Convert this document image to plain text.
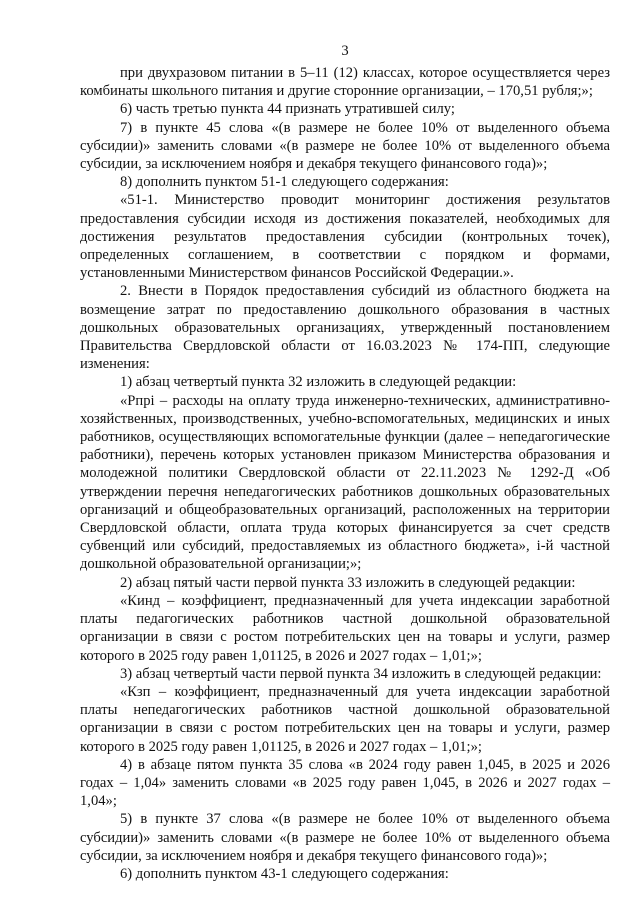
3

при двухразовом питании в 5–11 (12) классах, которое осуществляется через комбинаты школьного питания и другие сторонние организации, – 170,51 рубля;»;

6) часть третью пункта 44 признать утратившей силу;

7) в пункте 45 слова «(в размере не более 10% от выделенного объема субсидии)» заменить словами «(в размере не более 10% от выделенного объема субсидии, за исключением ноября и декабря текущего финансового года)»;

8) дополнить пунктом 51-1 следующего содержания:

«51-1. Министерство проводит мониторинг достижения результатов предоставления субсидии исходя из достижения показателей, необходимых для достижения результатов предоставления субсидии (контрольных точек), определенных соглашением, в соответствии с порядком и формами, установленными Министерством финансов Российской Федерации.».

2. Внести в Порядок предоставления субсидий из областного бюджета на возмещение затрат по предоставлению дошкольного образования в частных дошкольных образовательных организациях, утвержденный постановлением Правительства Свердловской области от 16.03.2023 № 174-ПП, следующие изменения:

1) абзац четвертый пункта 32 изложить в следующей редакции:

«Рпрі – расходы на оплату труда инженерно-технических, административно-хозяйственных, производственных, учебно-вспомогательных, медицинских и иных работников, осуществляющих вспомогательные функции (далее – непедагогические работники), перечень которых установлен приказом Министерства образования и молодежной политики Свердловской области от 22.11.2023 № 1292-Д «Об утверждении перечня непедагогических работников дошкольных образовательных организаций и общеобразовательных организаций, расположенных на территории Свердловской области, оплата труда которых финансируется за счет средств субвенций или субсидий, предоставляемых из областного бюджета», і-й частной дошкольной образовательной организации;»;

2) абзац пятый части первой пункта 33 изложить в следующей редакции:

«Кинд – коэффициент, предназначенный для учета индексации заработной платы педагогических работников частной дошкольной образовательной организации в связи с ростом потребительских цен на товары и услуги, размер которого в 2025 году равен 1,01125, в 2026 и 2027 годах – 1,01;»;

3) абзац четвертый части первой пункта 34 изложить в следующей редакции:

«Кзп – коэффициент, предназначенный для учета индексации заработной платы непедагогических работников частной дошкольной образовательной организации в связи с ростом потребительских цен на товары и услуги, размер которого в 2025 году равен 1,01125, в 2026 и 2027 годах – 1,01;»;

4) в абзаце пятом пункта 35 слова «в 2024 году равен 1,045, в 2025 и 2026 годах – 1,04» заменить словами «в 2025 году равен 1,045, в 2026 и 2027 годах – 1,04»;

5) в пункте 37 слова «(в размере не более 10% от выделенного объема субсидии)» заменить словами «(в размере не более 10% от выделенного объема субсидии, за исключением ноября и декабря текущего финансового года)»;

6) дополнить пунктом 43-1 следующего содержания:
